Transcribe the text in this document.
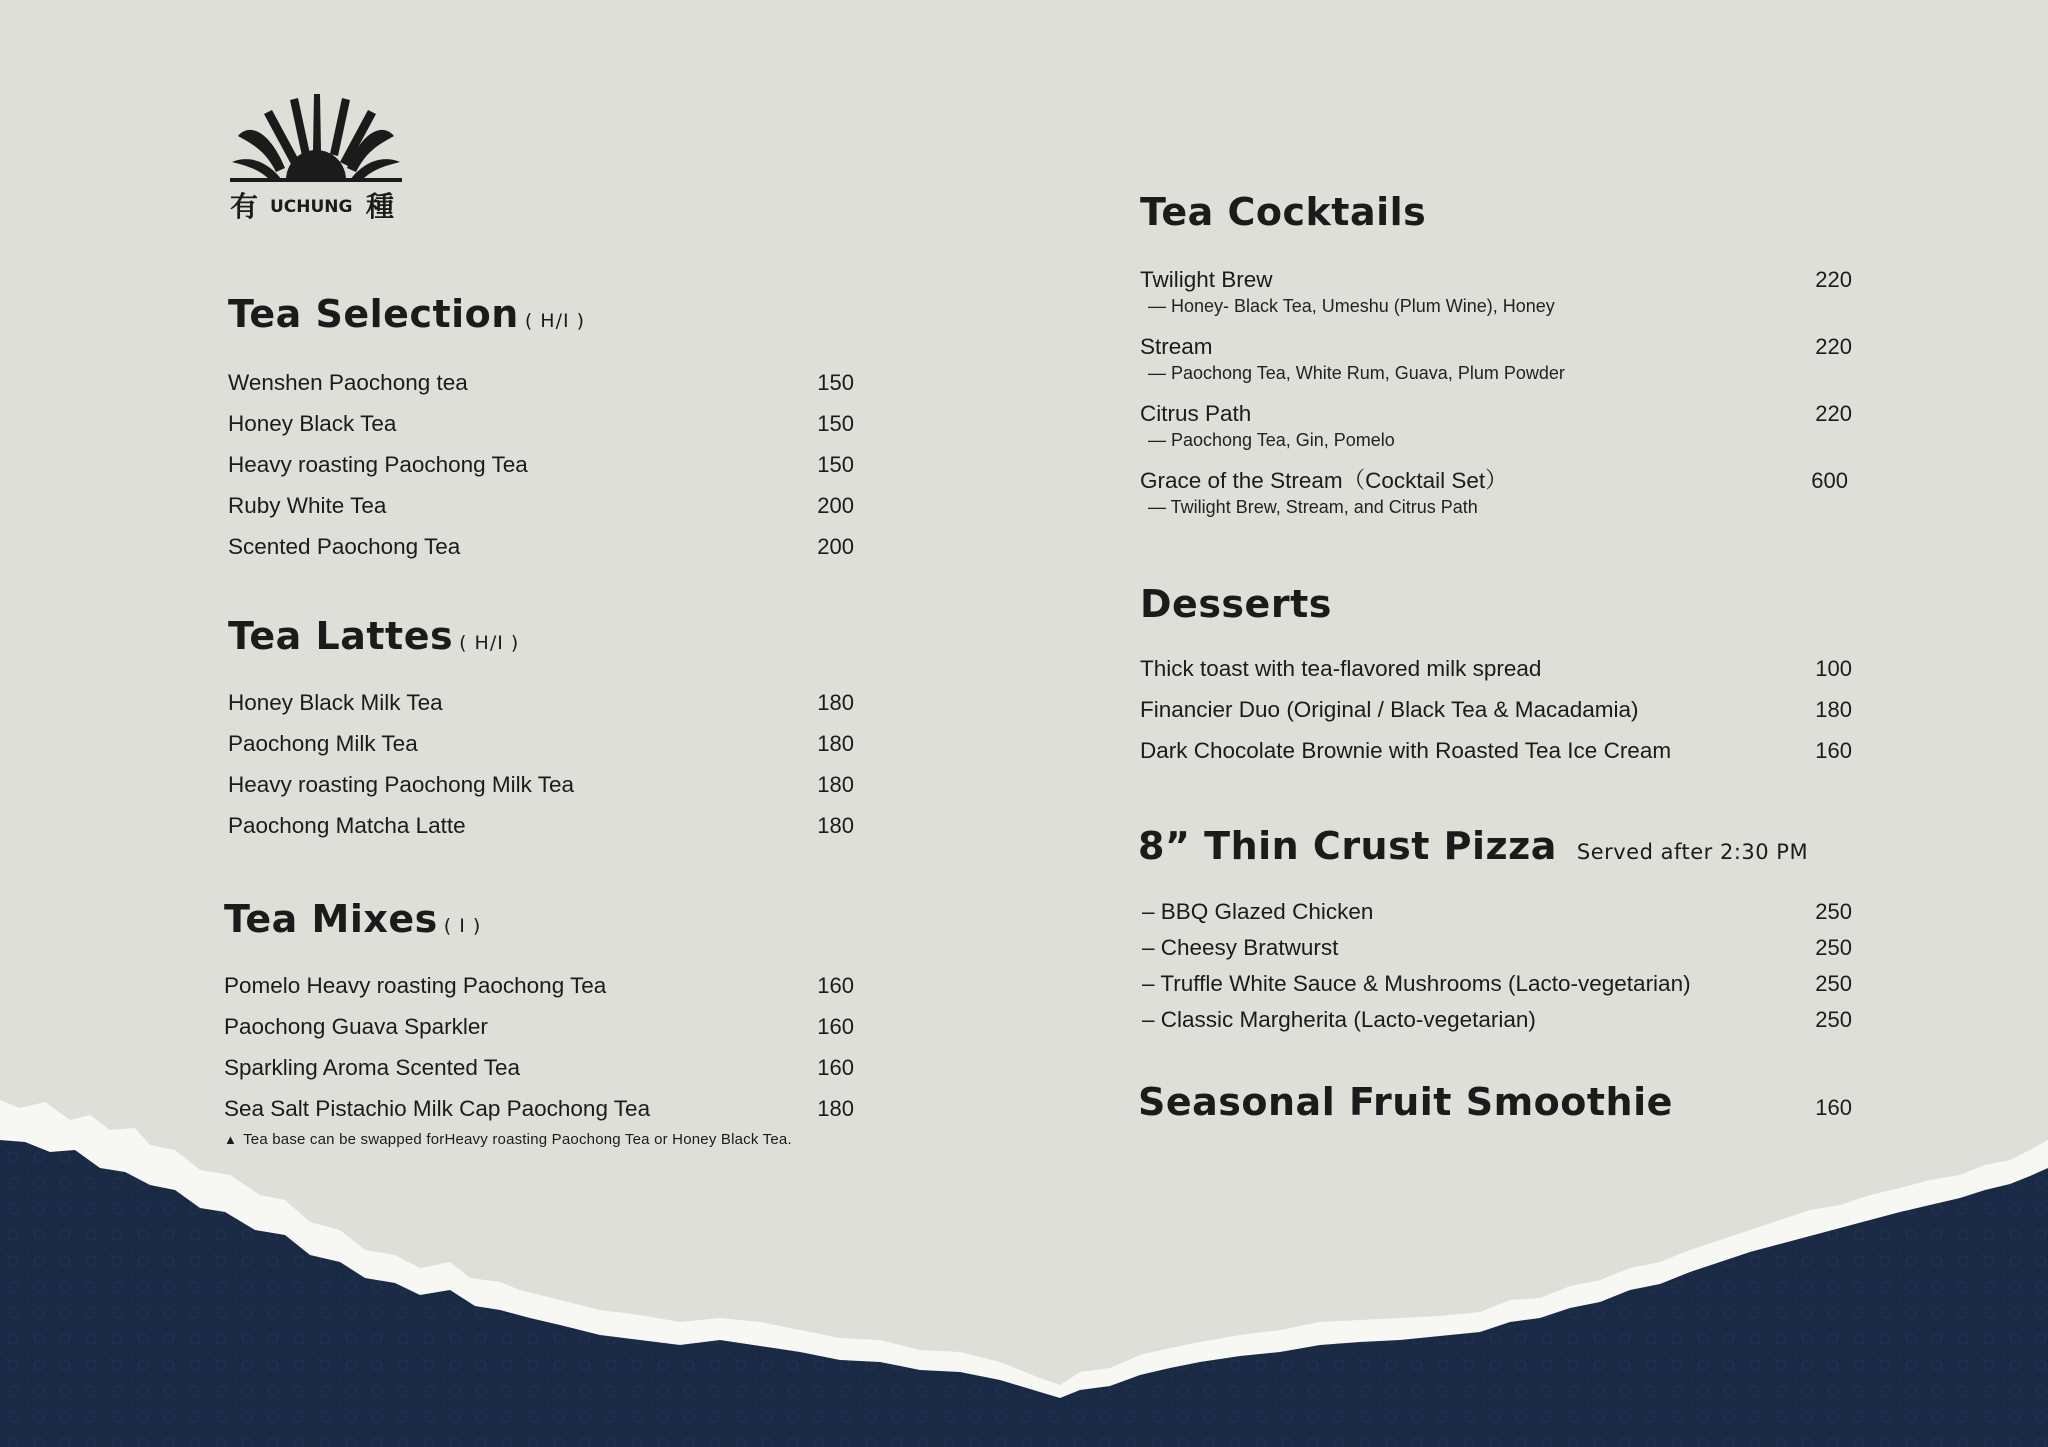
有 UCHUNG 種
Tea Selection ( H/I )
Wenshen Paochong tea	150
Honey Black Tea	150
Heavy roasting Paochong Tea	150
Ruby White Tea	200
Scented Paochong Tea	200
Tea Lattes ( H/I )
Honey Black Milk Tea	180
Paochong Milk Tea	180
Heavy roasting Paochong Milk Tea	180
Paochong Matcha Latte	180
Tea Mixes ( I )
Pomelo Heavy roasting Paochong Tea	160
Paochong Guava Sparkler	160
Sparkling Aroma Scented Tea	160
Sea Salt Pistachio Milk Cap Paochong Tea	180
▲ Tea base can be swapped forHeavy roasting Paochong Tea or Honey Black Tea.
Tea Cocktails
Twilight Brew	220
— Honey- Black Tea, Umeshu (Plum Wine), Honey
Stream	220
— Paochong Tea, White Rum, Guava, Plum Powder
Citrus Path	220
— Paochong Tea, Gin, Pomelo
Grace of the Stream（Cocktail Set）	600
— Twilight Brew, Stream, and Citrus Path
Desserts
Thick toast with tea-flavored milk spread	100
Financier Duo (Original / Black Tea & Macadamia)	180
Dark Chocolate Brownie with Roasted Tea Ice Cream	160
8” Thin Crust Pizza Served after 2:30 PM
– BBQ Glazed Chicken	250
– Cheesy Bratwurst	250
– Truffle White Sauce & Mushrooms (Lacto-vegetarian)	250
– Classic Margherita (Lacto-vegetarian)	250
Seasonal Fruit Smoothie	160
